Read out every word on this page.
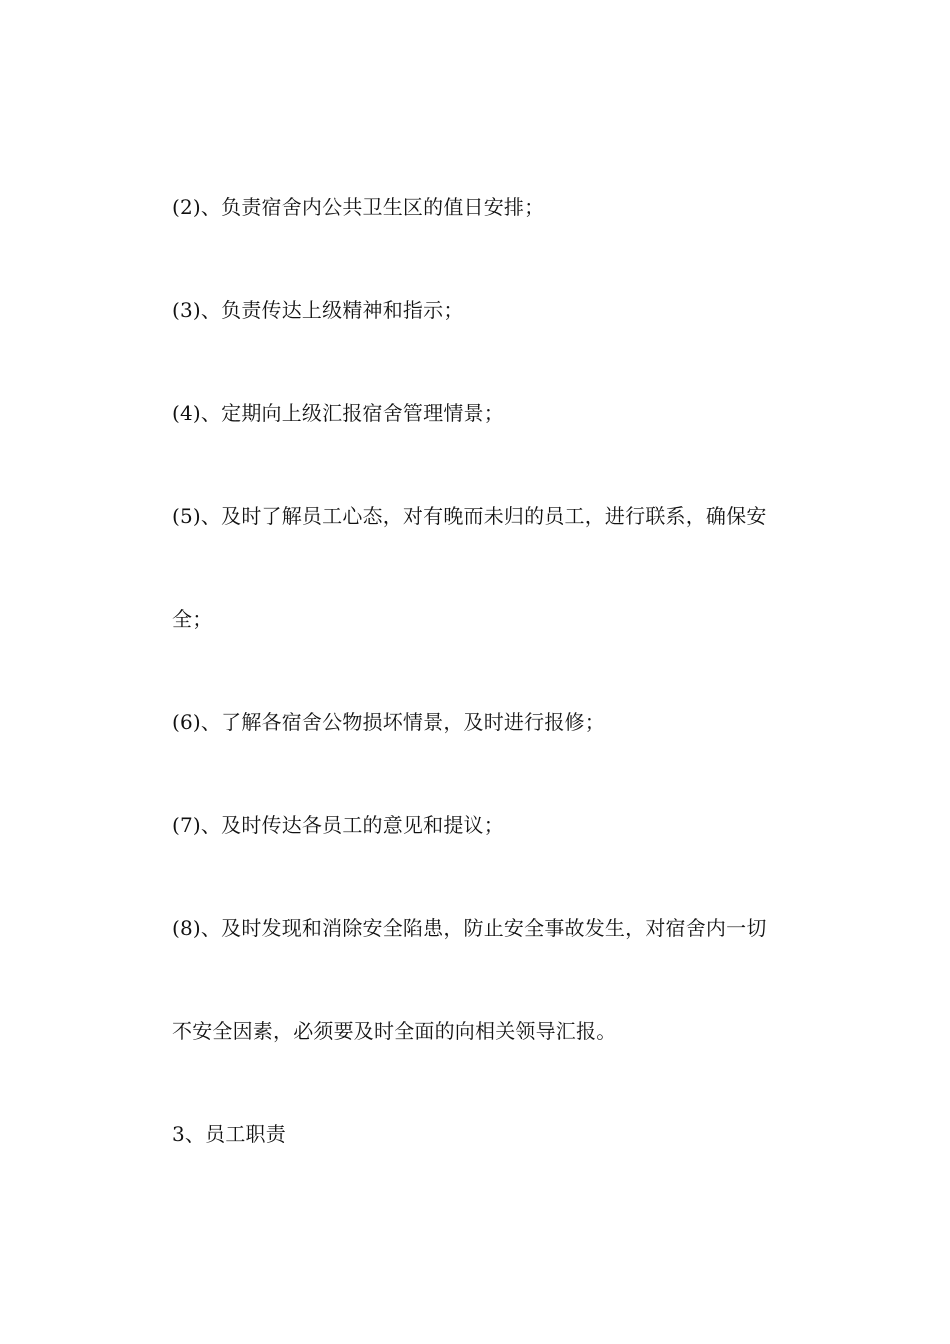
(2)、负责宿舍内公共卫生区的值日安排；
(3)、负责传达上级精神和指示；
(4)、定期向上级汇报宿舍管理情景；
(5)、及时了解员工心态，对有晚而未归的员工，进行联系，确保安
全；
(6)、了解各宿舍公物损坏情景，及时进行报修；
(7)、及时传达各员工的意见和提议；
(8)、及时发现和消除安全陷患，防止安全事故发生，对宿舍内一切
不安全因素，必须要及时全面的向相关领导汇报。
3、员工职责
